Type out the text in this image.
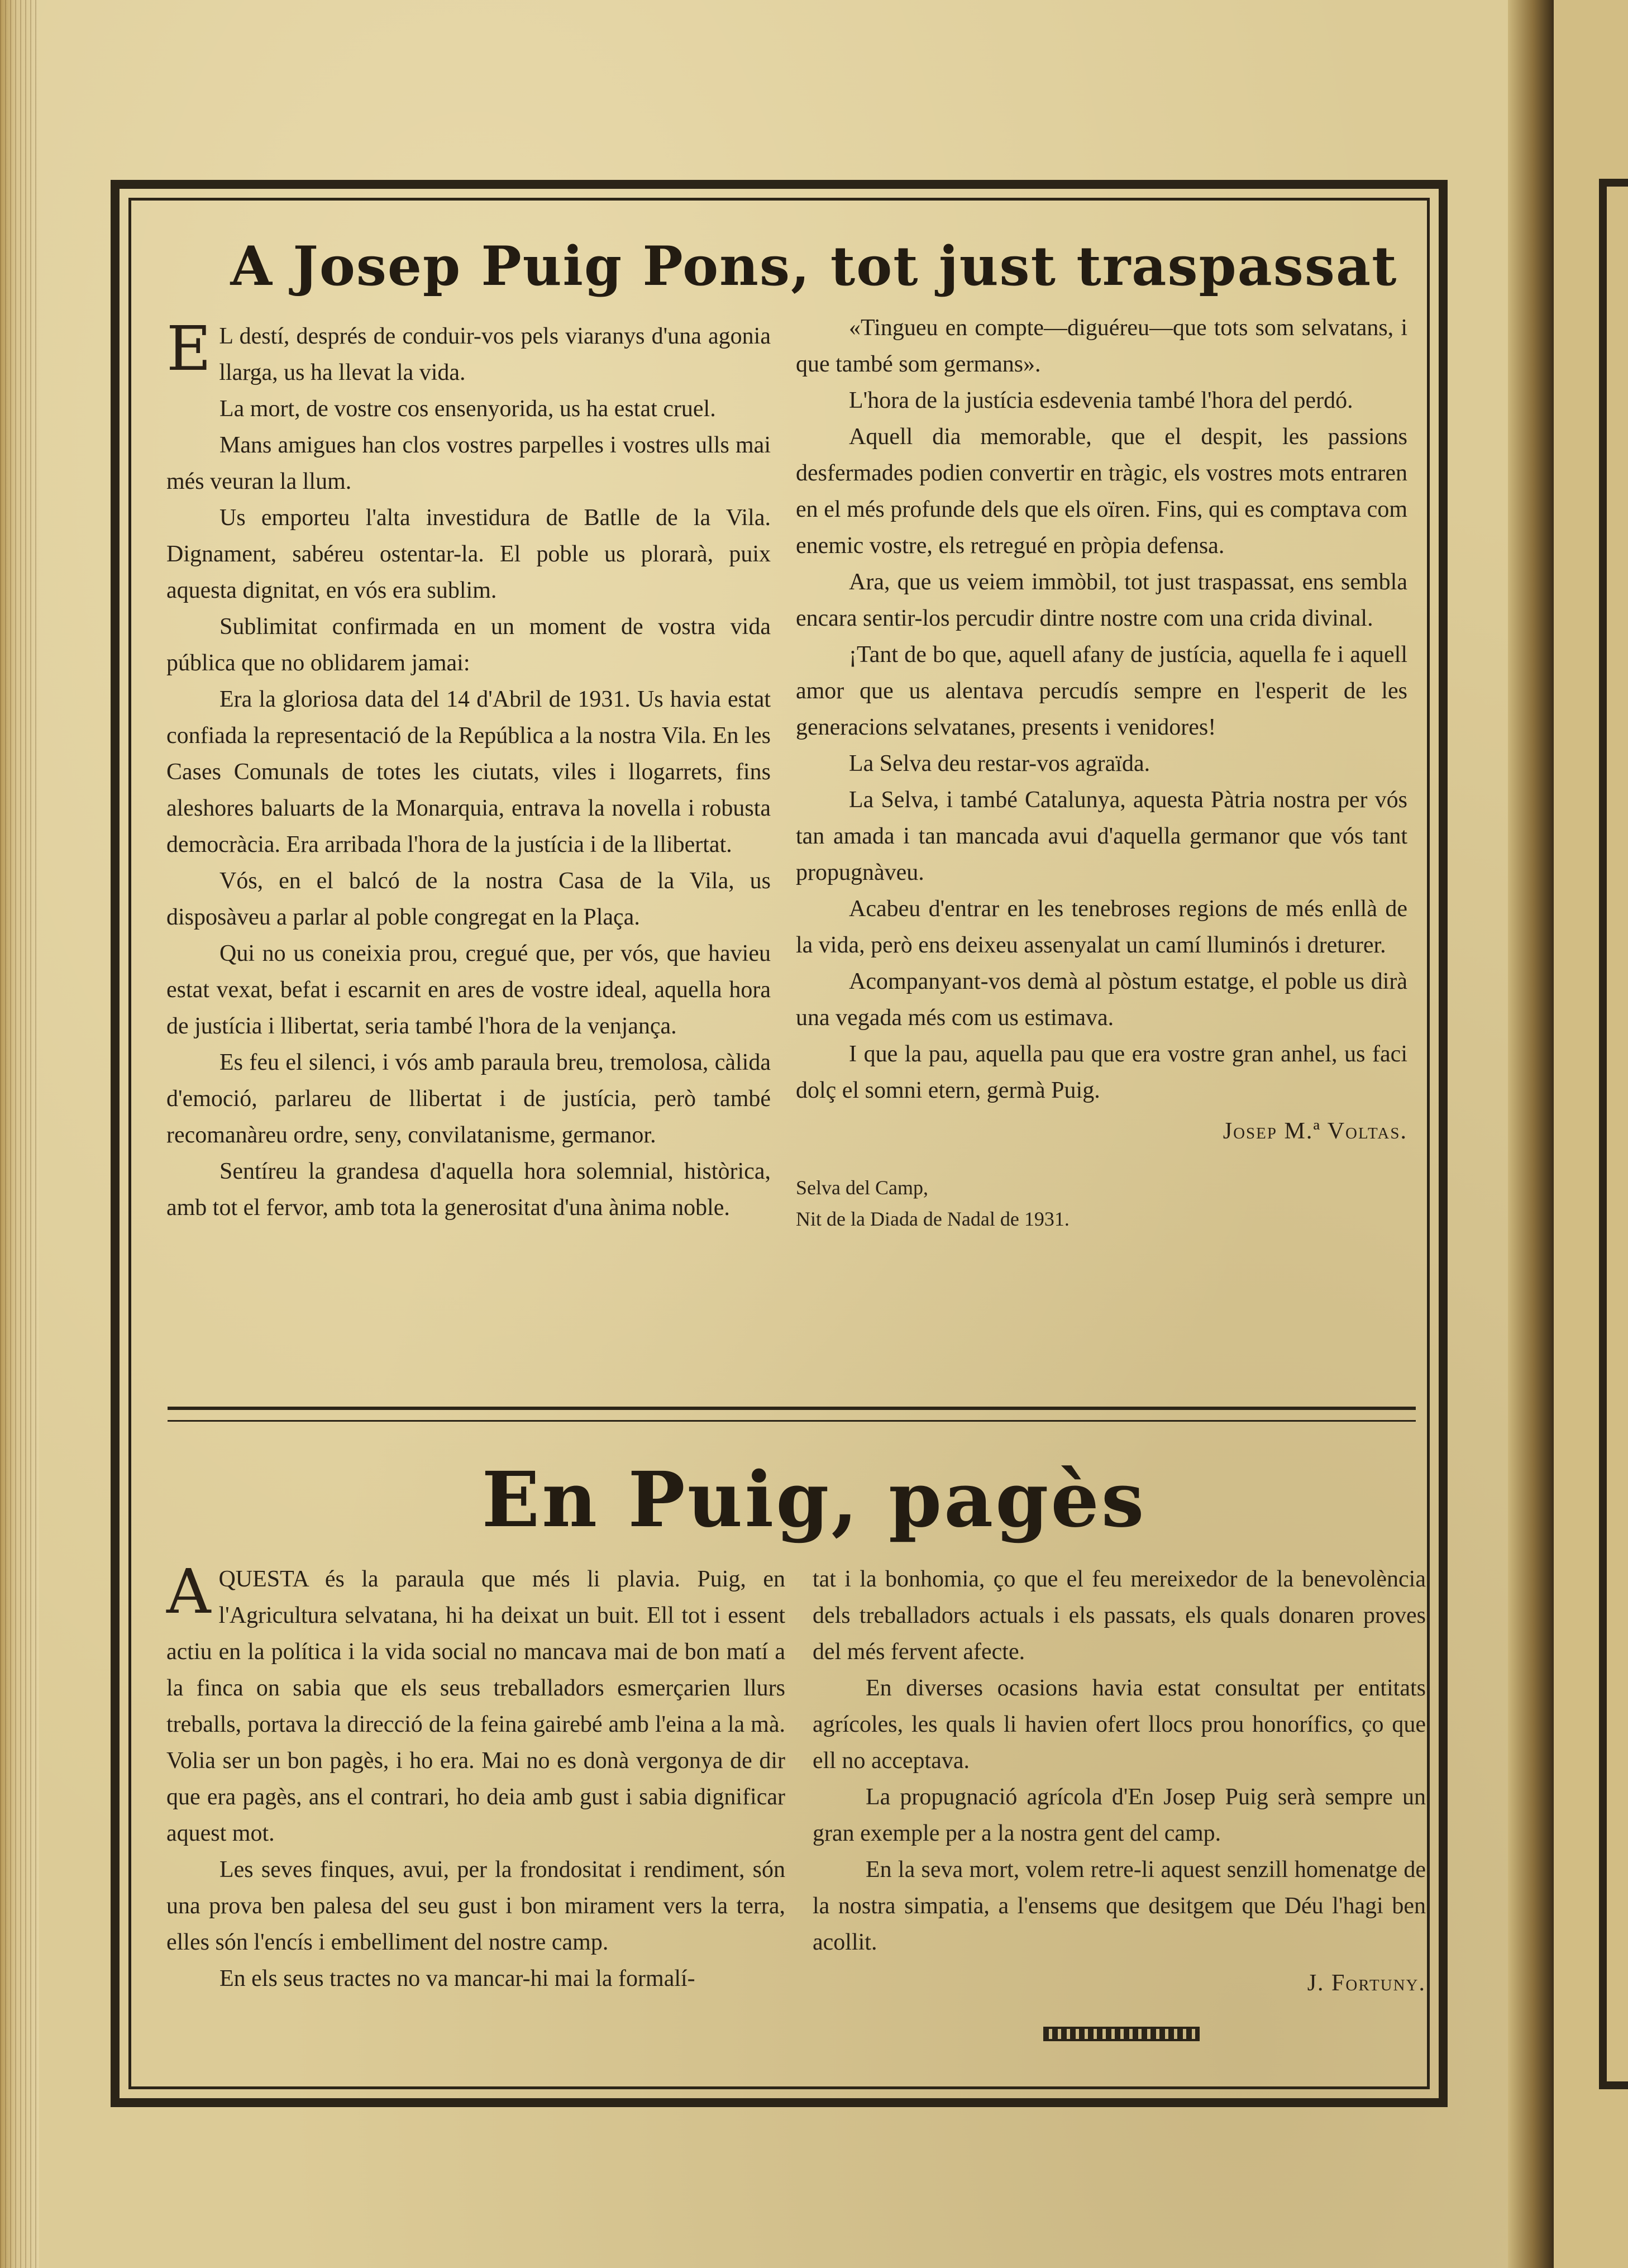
A Josep Puig Pons, tot just traspassat

E L destí, després de conduir-vos pels viaranys d'una agonia llarga, us ha llevat la vida.

La mort, de vostre cos ensenyorida, us ha estat cruel.

Mans amigues han clos vostres parpelles i vostres ulls mai més veuran la llum.

Us emporteu l'alta investidura de Batlle de la Vila. Dignament, sabéreu ostentar-la. El poble us plorarà, puix aquesta dignitat, en vós era sublim.

Sublimitat confirmada en un moment de vostra vida pública que no oblidarem jamai:

Era la gloriosa data del 14 d'Abril de 1931. Us havia estat confiada la representació de la República a la nostra Vila. En les Cases Comunals de totes les ciutats, viles i llogarrets, fins aleshores baluarts de la Monarquia, entrava la novella i robusta democràcia. Era arribada l'hora de la justícia i de la llibertat.

Vós, en el balcó de la nostra Casa de la Vila, us disposàveu a parlar al poble congregat en la Plaça.

Qui no us coneixia prou, cregué que, per vós, que havieu estat vexat, befat i escarnit en ares de vostre ideal, aquella hora de justícia i llibertat, seria també l'hora de la venjança.

Es feu el silenci, i vós amb paraula breu, tremolosa, càlida d'emoció, parlareu de llibertat i de justícia, però també recomanàreu ordre, seny, convilatanisme, germanor.

Sentíreu la grandesa d'aquella hora solemnial, històrica, amb tot el fervor, amb tota la generositat d'una ànima noble.

«Tingueu en compte—diguéreu—que tots som selvatans, i que també som germans».

L'hora de la justícia esdevenia també l'hora del perdó.

Aquell dia memorable, que el despit, les passions desfermades podien convertir en tràgic, els vostres mots entraren en el més profunde dels que els oïren. Fins, qui es comptava com enemic vostre, els retregué en pròpia defensa.

Ara, que us veiem immòbil, tot just traspassat, ens sembla encara sentir-los percudir dintre nostre com una crida divinal.

¡Tant de bo que, aquell afany de justícia, aquella fe i aquell amor que us alentava percudís sempre en l'esperit de les generacions selvatanes, presents i venidores!

La Selva deu restar-vos agraïda.

La Selva, i també Catalunya, aquesta Pàtria nostra per vós tan amada i tan mancada avui d'aquella germanor que vós tant propugnàveu.

Acabeu d'entrar en les tenebroses regions de més enllà de la vida, però ens deixeu assenyalat un camí lluminós i dreturer.

Acompanyant-vos demà al pòstum estatge, el poble us dirà una vegada més com us estimava.

I que la pau, aquella pau que era vostre gran anhel, us faci dolç el somni etern, germà Puig.

Josep M.ª Voltas.

Selva del Camp,

Nit de la Diada de Nadal de 1931.

En Puig, pagès

AQUESTA és la paraula que més li plavia. Puig, en l'Agricultura selvatana, hi ha deixat un buit. Ell tot i essent actiu en la política i la vida social no mancava mai de bon matí a la finca on sabia que els seus treballadors esmerçarien llurs treballs, portava la direcció de la feina gairebé amb l'eina a la mà. Volia ser un bon pagès, i ho era. Mai no es donà vergonya de dir que era pagès, ans el contrari, ho deia amb gust i sabia dignificar aquest mot.

Les seves finques, avui, per la frondositat i rendiment, són una prova ben palesa del seu gust i bon mirament vers la terra, elles són l'encís i embelliment del nostre camp.

En els seus tractes no va mancar-hi mai la formalí-

tat i la bonhomia, ço que el feu mereixedor de la benevolència dels treballadors actuals i els passats, els quals donaren proves del més fervent afecte.

En diverses ocasions havia estat consultat per entitats agrícoles, les quals li havien ofert llocs prou honorífics, ço que ell no acceptava.

La propugnació agrícola d'En Josep Puig serà sempre un gran exemple per a la nostra gent del camp.

En la seva mort, volem retre-li aquest senzill homenatge de la nostra simpatia, a l'ensems que desitgem que Déu l'hagi ben acollit.

J. Fortuny.
